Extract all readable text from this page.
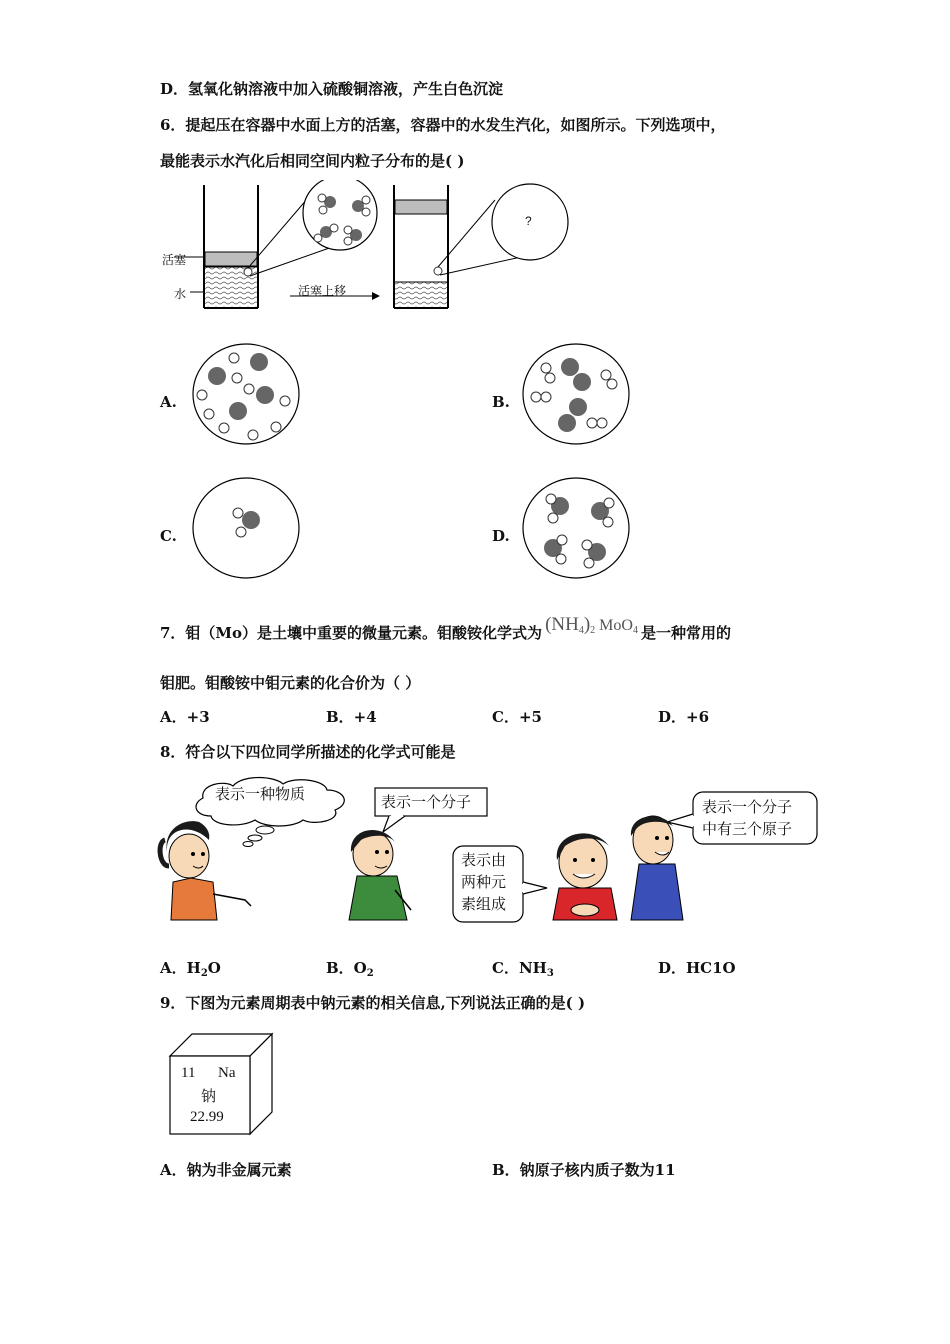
D．氢氧化钠溶液中加入硫酸铜溶液，产生白色沉淀
6．提起压在容器中水面上方的活塞，容器中的水发生汽化，如图所示。下列选项中，
最能表示水汽化后相同空间内粒子分布的是( )
活塞
水	活塞上移
?
A.	B.
C.	D.
7．钼（Mo）是土壤中重要的微量元素。钼酸铵化学式为 $(NH_4)_2$ MoO$_4$ 是一种常用的
钼肥。钼酸铵中钼元素的化合价为（ ）
A．+3	B．+4	C．+5	D．+6
8．符合以下四位同学所描述的化学式可能是
表示一种物质	表示一个分子
表示由
两种元
素组成
表示一个分子
中有三个原子
A．$H_2O$	B．$O_2$	C．$NH_3$	D．HC1O
9．下图为元素周期表中钠元素的相关信息,下列说法正确的是( )
11 Na
钠
22.99
A．钠为非金属元素	B．钠原子核内质子数为11
